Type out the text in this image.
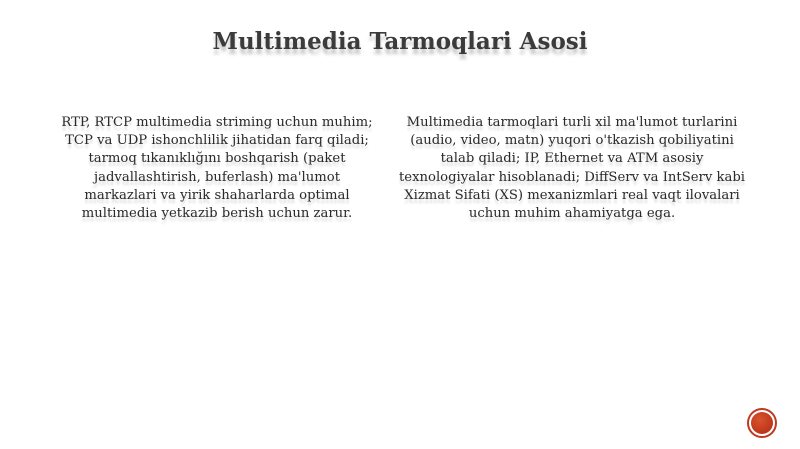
Multimedia Tarmoqlari Asosi
RTP, RTCP multimedia striming uchun muhim; TCP va UDP ishonchlilik jihatidan farq qiladi; tarmoq tıkanıklığını boshqarish (paket jadvallashtirish, buferlash) ma'lumot markazlari va yirik shaharlarda optimal multimedia yetkazib berish uchun zarur.
Multimedia tarmoqlari turli xil ma'lumot turlarini (audio, video, matn) yuqori o'tkazish qobiliyatini talab qiladi; IP, Ethernet va ATM asosiy texnologiyalar hisoblanadi; DiffServ va IntServ kabi Xizmat Sifati (XS) mexanizmlari real vaqt ilovalari uchun muhim ahamiyatga ega.
